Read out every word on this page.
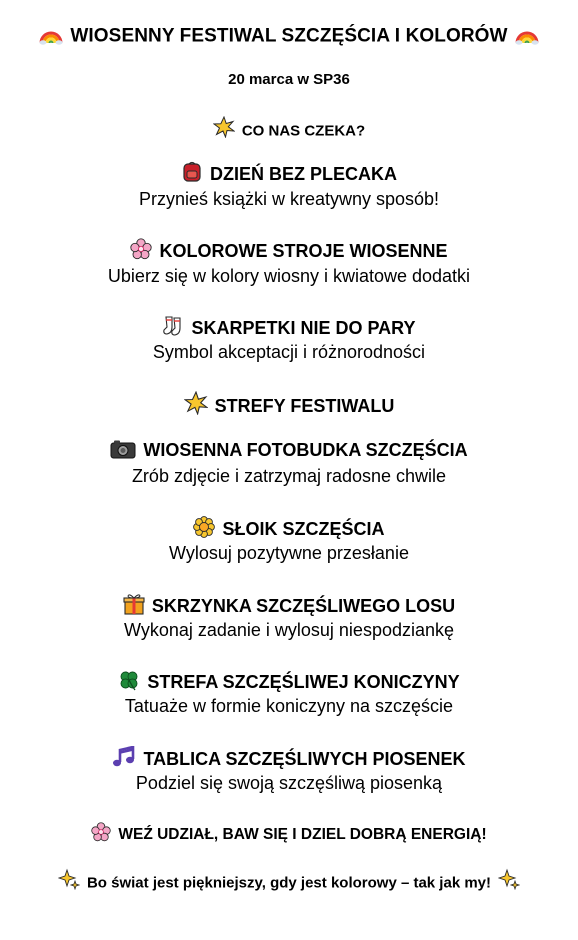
WIOSENNY FESTIWAL SZCZĘŚCIA I KOLORÓW
20 marca w SP36
CO NAS CZEKA?
DZIEŃ BEZ PLECAKA
Przynieś książki w kreatywny sposób!
KOLOROWE STROJE WIOSENNE
Ubierz się w kolory wiosny i kwiatowe dodatki
SKARPETKI NIE DO PARY
Symbol akceptacji i różnorodności
STREFY FESTIWALU
WIOSENNA FOTOBUDKA SZCZĘŚCIA
Zrób zdjęcie i zatrzymaj radosne chwile
SŁOIK SZCZĘŚCIA
Wylosuj pozytywne przesłanie
SKRZYNKA SZCZĘŚLIWEGO LOSU
Wykonaj zadanie i wylosuj niespodziankę
STREFA SZCZĘŚLIWEJ KONICZYNY
Tatuaże w formie koniczyny na szczęście
TABLICA SZCZĘŚLIWYCH PIOSENEK
Podziel się swoją szczęśliwą piosenką
WEŹ UDZIAŁ, BAW SIĘ I DZIEL DOBRĄ ENERGIĄ!
Bo świat jest piękniejszy, gdy jest kolorowy – tak jak my!
